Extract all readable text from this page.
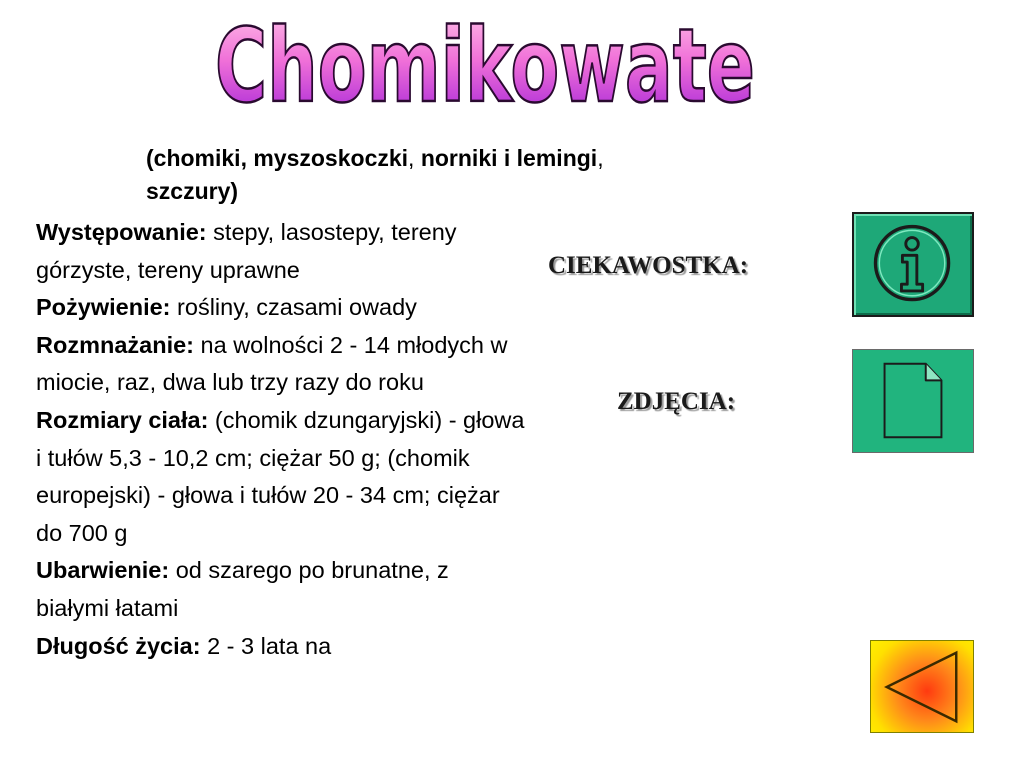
Chomikowate
(chomiki, myszoskoczki, norniki i lemingi,
szczury)
Występowanie: stepy, lasostepy, tereny górzyste, tereny uprawne
Pożywienie: rośliny, czasami owady
Rozmnażanie: na wolności 2 - 14 młodych w miocie, raz, dwa lub trzy razy do roku
Rozmiary ciała: (chomik dzungaryjski) - głowa i tułów 5,3 - 10,2 cm; ciężar 50 g; (chomik europejski) - głowa i tułów 20 - 34 cm; ciężar do 700 g
Ubarwienie: od szarego po brunatne, z białymi łatami
Długość życia: 2 - 3 lata na
CIEKAWOSTKA:
ZDJĘCIA:
